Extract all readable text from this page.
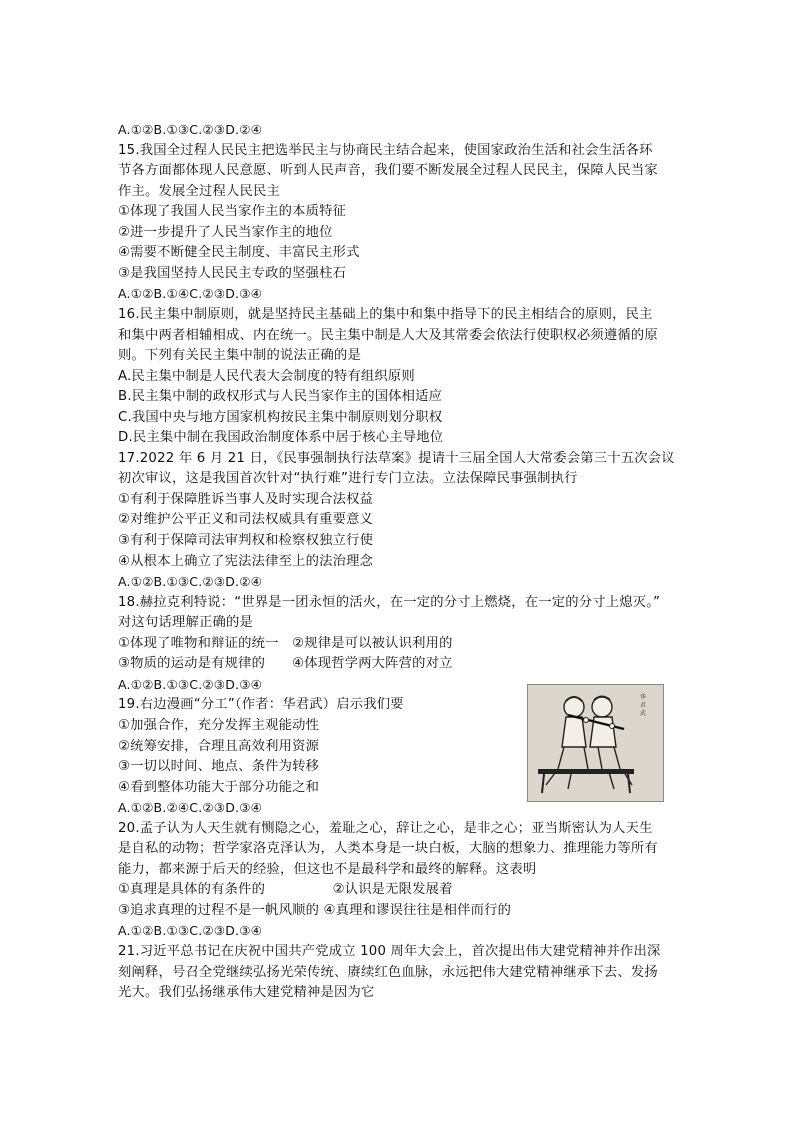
A.①②B.①③C.②③D.②④
15.我国全过程人民民主把选举民主与协商民主结合起来，使国家政治生活和社会生活各环
节各方面都体现人民意愿、听到人民声音，我们要不断发展全过程人民民主，保障人民当家
作主。发展全过程人民民主
①体现了我国人民当家作主的本质特征
②进一步提升了人民当家作主的地位
④需要不断健全民主制度、丰富民主形式
③是我国坚持人民民主专政的坚强柱石
A.①②B.①④C.②③D.③④
16.民主集中制原则，就是坚持民主基础上的集中和集中指导下的民主相结合的原则，民主
和集中两者相辅相成、内在统一。民主集中制是人大及其常委会依法行使职权必须遵循的原
则。下列有关民主集中制的说法正确的是
A.民主集中制是人民代表大会制度的特有组织原则
B.民主集中制的政权形式与人民当家作主的国体相适应
C.我国中央与地方国家机构按民主集中制原则划分职权
D.民主集中制在我国政治制度体系中居于核心主导地位
17.2022 年 6 月 21 日，《民事强制执行法草案》提请十三届全国人大常委会第三十五次会议
初次审议，这是我国首次针对“执行难”进行专门立法。立法保障民事强制执行
①有利于保障胜诉当事人及时实现合法权益
②对维护公平正义和司法权威具有重要意义
③有利于保障司法审判权和检察权独立行使
④从根本上确立了宪法法律至上的法治理念
A.①②B.①③C.②③D.②④
18.赫拉克利特说：“世界是一团永恒的活火，在一定的分寸上燃烧，在一定的分寸上熄灭。”
对这句话理解正确的是
①体现了唯物和辩证的统一　②规律是可以被认识利用的
③物质的运动是有规律的　　④体现哲学两大阵营的对立
A.①②B.①③C.②③D.③④
19.右边漫画“分工”（作者：华君武）启示我们要
①加强合作，充分发挥主观能动性
②统筹安排，合理且高效利用资源
③一切以时间、地点、条件为转移
④看到整体功能大于部分功能之和
A.①②B.②④C.②③D.③④
20.孟子认为人天生就有恻隐之心，羞耻之心，辞让之心，是非之心；亚当斯密认为人天生
是自私的动物；哲学家洛克泽认为，人类本身是一块白板，大脑的想象力、推理能力等所有
能力，都来源于后天的经验，但这也不是最科学和最终的解释。这表明
①真理是具体的有条件的　　　　　②认识是无限发展着
③追求真理的过程不是一帆风顺的 ④真理和谬误往往是相伴而行的
A.①②B.①③C.②③D.③④
21.习近平总书记在庆祝中国共产党成立 100 周年大会上，首次提出伟大建党精神并作出深
刻阐释，号召全党继续弘扬光荣传统、赓续红色血脉，永远把伟大建党精神继承下去、发扬
光大。我们弘扬继承伟大建党精神是因为它
华
君
武
